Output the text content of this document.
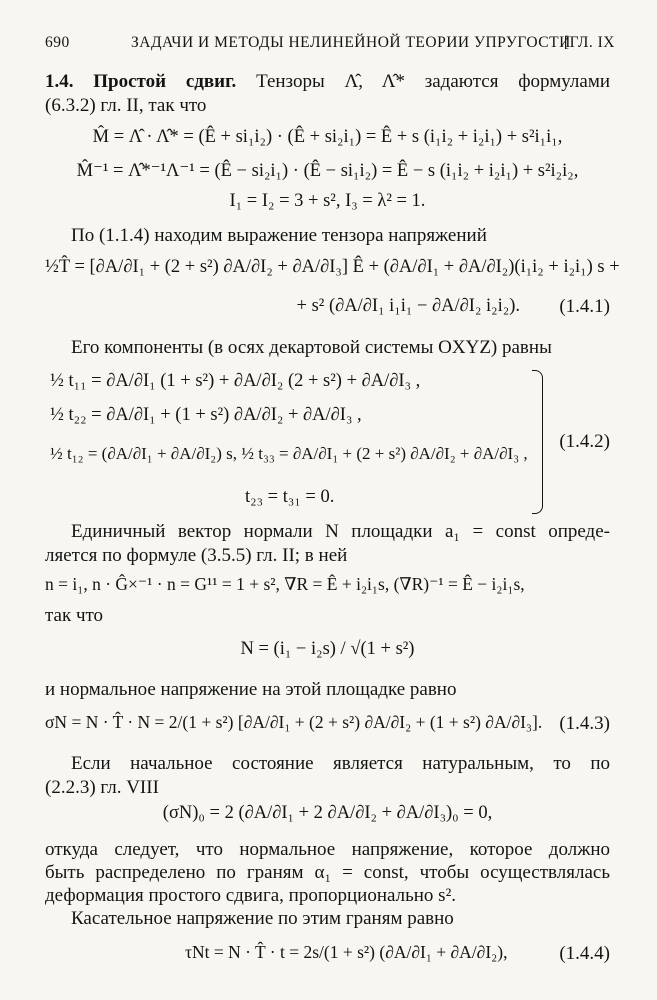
690	ЗАДАЧИ И МЕТОДЫ НЕЛИНЕЙНОЙ ТЕОРИИ УПРУГОСТИ
[ГЛ. IX
1.4. Простой сдвиг. Тензоры Λ̂, Λ̂* задаются формулами
(6.3.2) гл. II, так что
M̂ = Λ̂ · Λ̂* = (Ê + si₁i₂) · (Ê + si₂i₁) = Ê + s (i₁i₂ + i₂i₁) + s²i₁i₁,
M̂⁻¹ = Λ̂*⁻¹Λ⁻¹ = (Ê − si₂i₁) · (Ê − si₁i₂) = Ê − s (i₁i₂ + i₂i₁) + s²i₂i₂,
I₁ = I₂ = 3 + s², I₃ = λ² = 1.
По (1.1.4) находим выражение тензора напряжений
½T̂ = [∂A/∂I₁ + (2 + s²) ∂A/∂I₂ + ∂A/∂I₃] Ê + (∂A/∂I₁ + ∂A/∂I₂)(i₁i₂ + i₂i₁) s +
+ s² (∂A/∂I₁ i₁i₁ − ∂A/∂I₂ i₂i₂).	(1.4.1)
Его компоненты (в осях декартовой системы OXYZ) равны
½ t₁₁ = ∂A/∂I₁ (1 + s²) + ∂A/∂I₂ (2 + s²) + ∂A/∂I₃ ,
½ t₂₂ = ∂A/∂I₁ + (1 + s²) ∂A/∂I₂ + ∂A/∂I₃ ,
½ t₁₂ = (∂A/∂I₁ + ∂A/∂I₂) s, ½ t₃₃ = ∂A/∂I₁ + (2 + s²) ∂A/∂I₂ + ∂A/∂I₃ ,
t₂₃ = t₃₁ = 0.
(1.4.2)
Единичный вектор нормали N площадки a₁ = const опреде-
ляется по формуле (3.5.5) гл. II; в ней
n = i₁, n · Ĝ×⁻¹ · n = G¹¹ = 1 + s², ∇R = Ê + i₂i₁s, (∇R)⁻¹ = Ê − i₂i₁s,
так что
N = (i₁ − i₂s) / √(1 + s²)
и нормальное напряжение на этой площадке равно
σN = N · T̂ · N = 2/(1 + s²) [∂A/∂I₁ + (2 + s²) ∂A/∂I₂ + (1 + s²) ∂A/∂I₃]. (1.4.3)
Если начальное состояние является натуральным, то по
(2.2.3) гл. VIII
(σN)₀ = 2 (∂A/∂I₁ + 2 ∂A/∂I₂ + ∂A/∂I₃)₀ = 0,
откуда следует, что нормальное напряжение, которое должно
быть распределено по граням α₁ = const, чтобы осуществлялась
деформация простого сдвига, пропорционально s².
Касательное напряжение по этим граням равно
τNt = N · T̂ · t = 2s/(1 + s²) (∂A/∂I₁ + ∂A/∂I₂),	(1.4.4)
